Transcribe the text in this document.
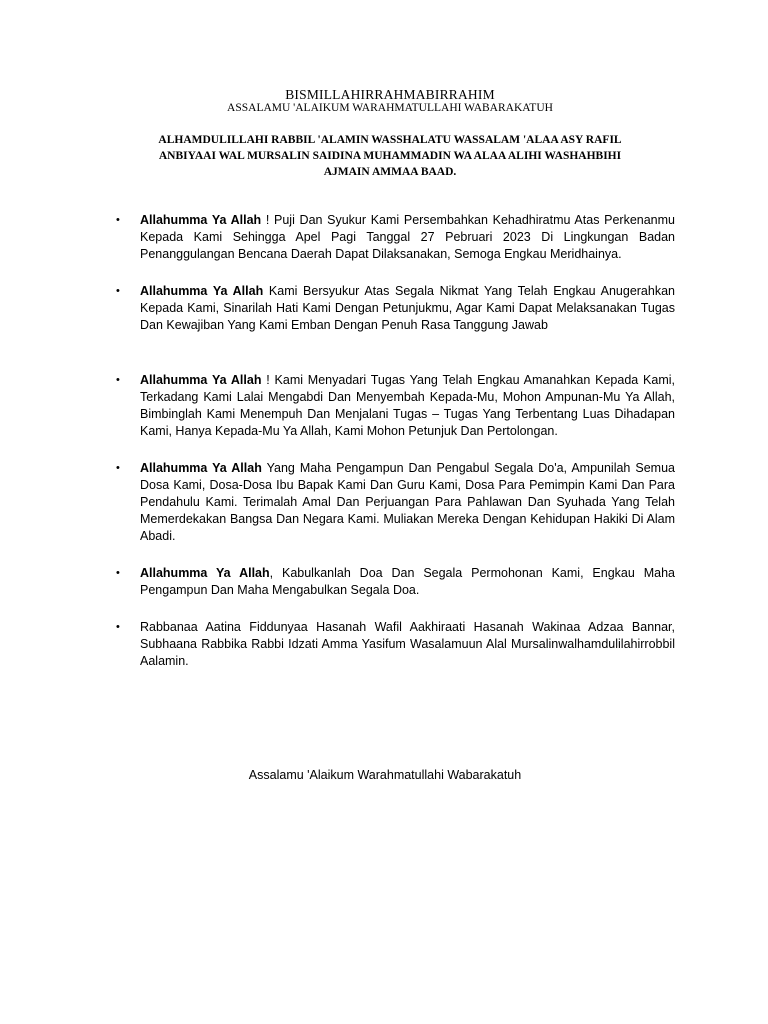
BISMILLAHIRRAHMABIRRAHIM
ASSALAMU 'ALAIKUM WARAHMATULLAHI WABARAKATUH
ALHAMDULILLAHI RABBIL 'ALAMIN WASSHALATU WASSALAM 'ALAA ASY RAFIL
ANBIYAAI WAL MURSALIN SAIDINA MUHAMMADIN WA ALAA ALIHI WASHAHBIHI
AJMAIN AMMAA BAAD.
• Allahumma Ya Allah ! Puji Dan Syukur Kami Persembahkan Kehadhiratmu Atas Perkenanmu Kepada Kami Sehingga Apel Pagi Tanggal 27 Pebruari 2023 Di Lingkungan Badan Penanggulangan Bencana Daerah Dapat Dilaksanakan, Semoga Engkau Meridhainya.
• Allahumma Ya Allah Kami Bersyukur Atas Segala Nikmat Yang Telah Engkau Anugerahkan Kepada Kami, Sinarilah Hati Kami Dengan Petunjukmu, Agar Kami Dapat Melaksanakan Tugas Dan Kewajiban Yang Kami Emban Dengan Penuh Rasa Tanggung Jawab
• Allahumma Ya Allah ! Kami Menyadari Tugas Yang Telah Engkau Amanahkan Kepada Kami, Terkadang Kami Lalai Mengabdi Dan Menyembah Kepada-Mu, Mohon Ampunan-Mu Ya Allah, Bimbinglah Kami Menempuh Dan Menjalani Tugas – Tugas Yang Terbentang Luas Dihadapan Kami, Hanya Kepada-Mu Ya Allah, Kami Mohon Petunjuk Dan Pertolongan.
• Allahumma Ya Allah Yang Maha Pengampun Dan Pengabul Segala Do'a, Ampunilah Semua Dosa Kami, Dosa-Dosa Ibu Bapak Kami Dan Guru Kami, Dosa Para Pemimpin Kami Dan Para Pendahulu Kami. Terimalah Amal Dan Perjuangan Para Pahlawan Dan Syuhada Yang Telah Memerdekakan Bangsa Dan Negara Kami. Muliakan Mereka Dengan Kehidupan Hakiki Di Alam Abadi.
• Allahumma Ya Allah, Kabulkanlah Doa Dan Segala Permohonan Kami, Engkau Maha Pengampun Dan Maha Mengabulkan Segala Doa.
• Rabbanaa Aatina Fiddunyaa Hasanah Wafil Aakhiraati Hasanah Wakinaa Adzaa Bannar, Subhaana Rabbika Rabbi Idzati Amma Yasifum Wasalamuun Alal Mursalinwalhamdulilahirrobbil Aalamin.
Assalamu 'Alaikum Warahmatullahi Wabarakatuh
